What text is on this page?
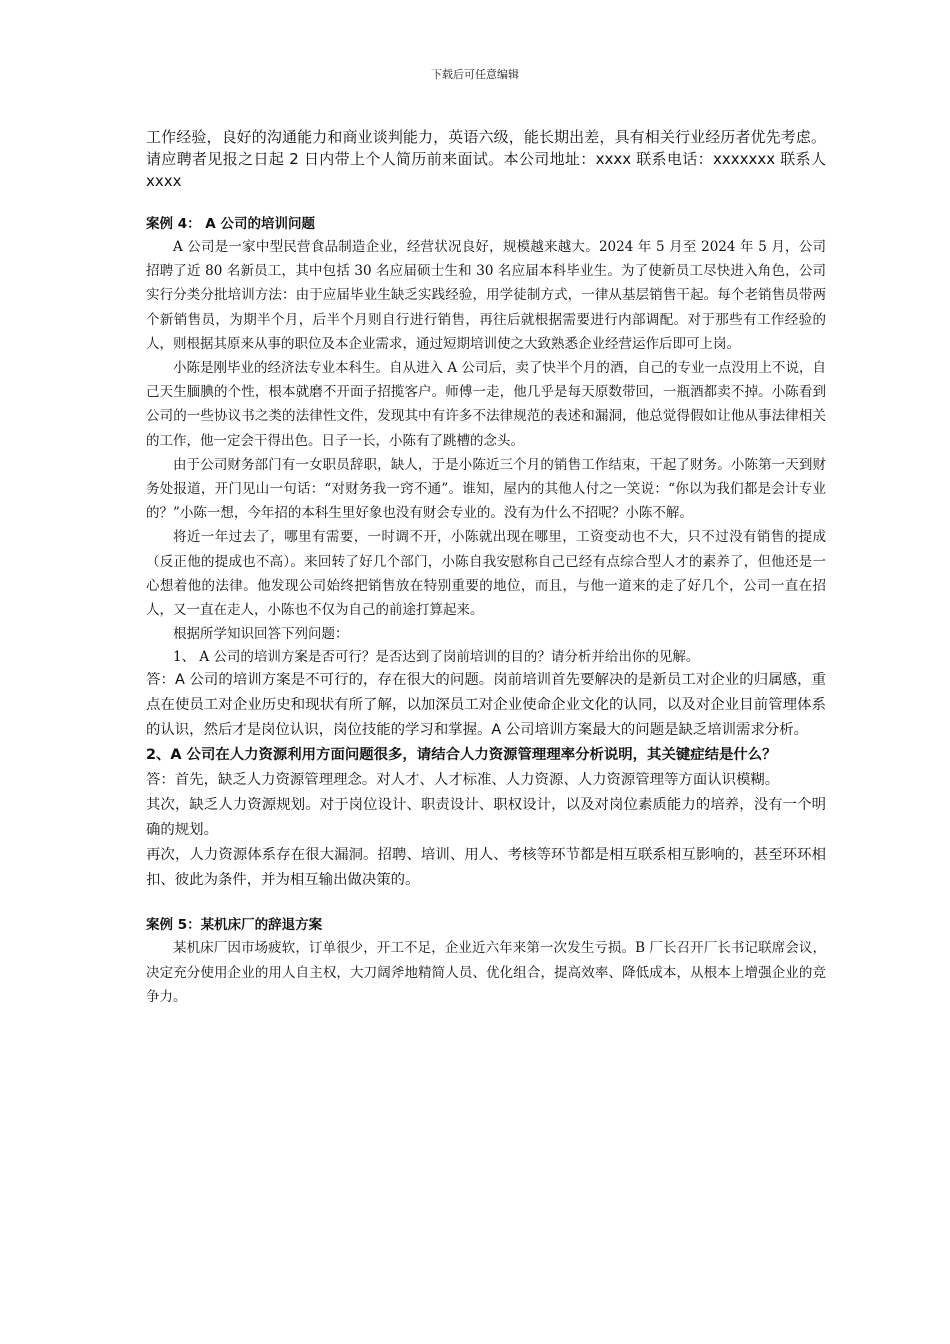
下载后可任意编辑

工作经验，良好的沟通能力和商业谈判能力，英语六级，能长期出差，具有相关行业经历者优先考虑。 请应聘者见报之日起 2 日内带上个人简历前来面试。本公司地址：xxxx 联系电话：xxxxxxx 联系人 xxxx

案例 4： A 公司的培训问题

A 公司是一家中型民营食品制造企业，经营状况良好，规模越来越大。2024 年 5 月至 2024 年 5 月，公司招聘了近 80 名新员工，其中包括 30 名应届硕士生和 30 名应届本科毕业生。为了使新员工尽快进入角色，公司实行分类分批培训方法：由于应届毕业生缺乏实践经验，用学徒制方式，一律从基层销售干起。每个老销售员带两个新销售员，为期半个月，后半个月则自行进行销售，再往后就根据需要进行内部调配。对于那些有工作经验的人，则根据其原来从事的职位及本企业需求，通过短期培训使之大致熟悉企业经营运作后即可上岗。

小陈是刚毕业的经济法专业本科生。自从进入 A 公司后，卖了快半个月的酒，自己的专业一点没用上不说，自己天生腼腆的个性，根本就磨不开面子招揽客户。师傅一走，他几乎是每天原数带回，一瓶酒都卖不掉。小陈看到公司的一些协议书之类的法律性文件，发现其中有许多不法律规范的表述和漏洞，他总觉得假如让他从事法律相关的工作，他一定会干得出色。日子一长，小陈有了跳槽的念头。

由于公司财务部门有一女职员辞职，缺人，于是小陈近三个月的销售工作结束，干起了财务。小陈第一天到财务处报道，开门见山一句话：“对财务我一窍不通”。谁知，屋内的其他人付之一笑说：“你以为我们都是会计专业的？”小陈一想，今年招的本科生里好象也没有财会专业的。没有为什么不招呢？小陈不解。

将近一年过去了，哪里有需要，一时调不开，小陈就出现在哪里，工资变动也不大，只不过没有销售的提成（反正他的提成也不高）。来回转了好几个部门，小陈自我安慰称自己已经有点综合型人才的素养了，但他还是一心想着他的法律。他发现公司始终把销售放在特别重要的地位，而且，与他一道来的走了好几个，公司一直在招人，又一直在走人，小陈也不仅为自己的前途打算起来。

根据所学知识回答下列问题：

1、 A 公司的培训方案是否可行？是否达到了岗前培训的目的？请分析并给出你的见解。

答：A 公司的培训方案是不可行的，存在很大的问题。岗前培训首先要解决的是新员工对企业的归属感，重点在使员工对企业历史和现状有所了解，以加深员工对企业使命企业文化的认同，以及对企业目前管理体系的认识，然后才是岗位认识，岗位技能的学习和掌握。A 公司培训方案最大的问题是缺乏培训需求分析。

2、A 公司在人力资源利用方面问题很多，请结合人力资源管理理率分析说明，其关键症结是什么？

答：首先，缺乏人力资源管理理念。对人才、人才标准、人力资源、人力资源管理等方面认识模糊。

其次，缺乏人力资源规划。对于岗位设计、职责设计、职权设计，以及对岗位素质能力的培养，没有一个明确的规划。

再次，人力资源体系存在很大漏洞。招聘、培训、用人、考核等环节都是相互联系相互影响的，甚至环环相扣、彼此为条件，并为相互输出做决策的。

案例 5：某机床厂的辞退方案

某机床厂因市场疲软，订单很少，开工不足，企业近六年来第一次发生亏损。B 厂长召开厂长书记联席会议，决定充分使用企业的用人自主权，大刀阔斧地精简人员、优化组合，提高效率、降低成本，从根本上增强企业的竞争力。
